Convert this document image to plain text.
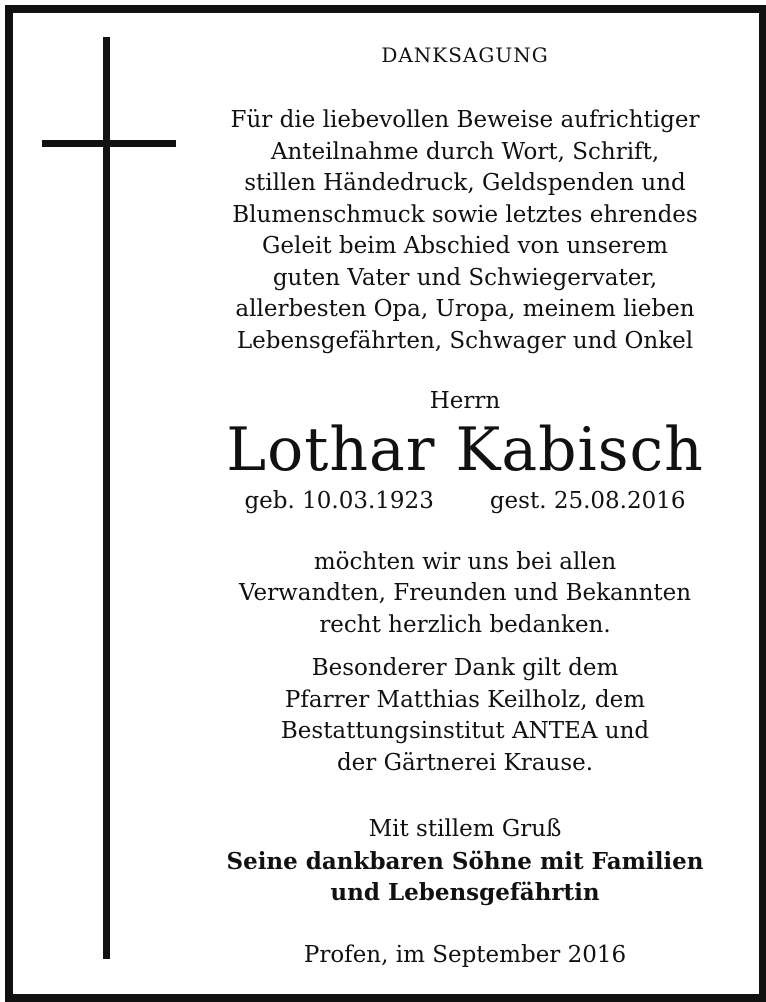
DANKSAGUNG
Für die liebevollen Beweise aufrichtiger
Anteilnahme durch Wort, Schrift,
stillen Händedruck, Geldspenden und
Blumenschmuck sowie letztes ehrendes
Geleit beim Abschied von unserem
guten Vater und Schwiegervater,
allerbesten Opa, Uropa, meinem lieben
Lebensgefährten, Schwager und Onkel
Herrn
Lothar Kabisch
geb. 10.03.1923 gest. 25.08.2016
möchten wir uns bei allen
Verwandten, Freunden und Bekannten
recht herzlich bedanken.
Besonderer Dank gilt dem
Pfarrer Matthias Keilholz, dem
Bestattungsinstitut ANTEA und
der Gärtnerei Krause.
Mit stillem Gruß
Seine dankbaren Söhne mit Familien
und Lebensgefährtin
Profen, im September 2016
